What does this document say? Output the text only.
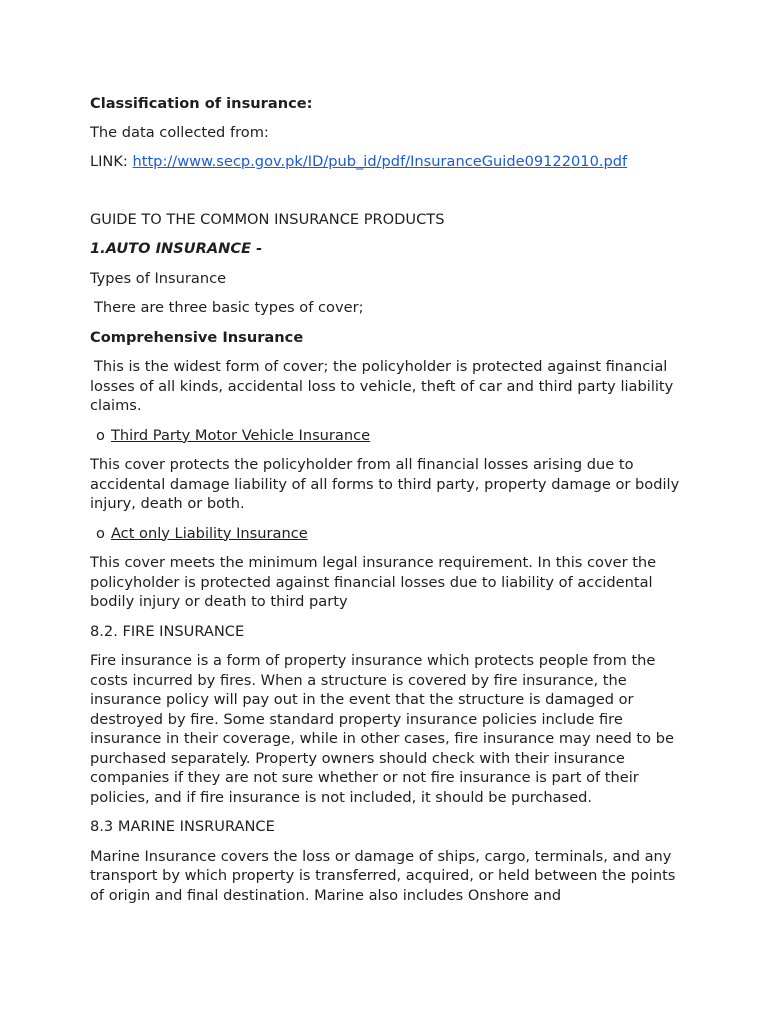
Classification of insurance:

The data collected from:

LINK: http://www.secp.gov.pk/ID/pub_id/pdf/InsuranceGuide09122010.pdf

GUIDE TO THE COMMON INSURANCE PRODUCTS

1.AUTO INSURANCE -

Types of Insurance

There are three basic types of cover;

Comprehensive Insurance

This is the widest form of cover; the policyholder is protected against financial losses of all kinds, accidental loss to vehicle, theft of car and third party liability claims.

o Third Party Motor Vehicle Insurance

This cover protects the policyholder from all financial losses arising due to accidental damage liability of all forms to third party, property damage or bodily injury, death or both.

o Act only Liability Insurance

This cover meets the minimum legal insurance requirement. In this cover the policyholder is protected against financial losses due to liability of accidental bodily injury or death to third party

8.2. FIRE INSURANCE

Fire insurance is a form of property insurance which protects people from the costs incurred by fires. When a structure is covered by fire insurance, the insurance policy will pay out in the event that the structure is damaged or destroyed by fire. Some standard property insurance policies include fire insurance in their coverage, while in other cases, fire insurance may need to be purchased separately. Property owners should check with their insurance companies if they are not sure whether or not fire insurance is part of their policies, and if fire insurance is not included, it should be purchased.

8.3 MARINE INSRURANCE

Marine Insurance covers the loss or damage of ships, cargo, terminals, and any transport by which property is transferred, acquired, or held between the points of origin and final destination. Marine also includes Onshore and
